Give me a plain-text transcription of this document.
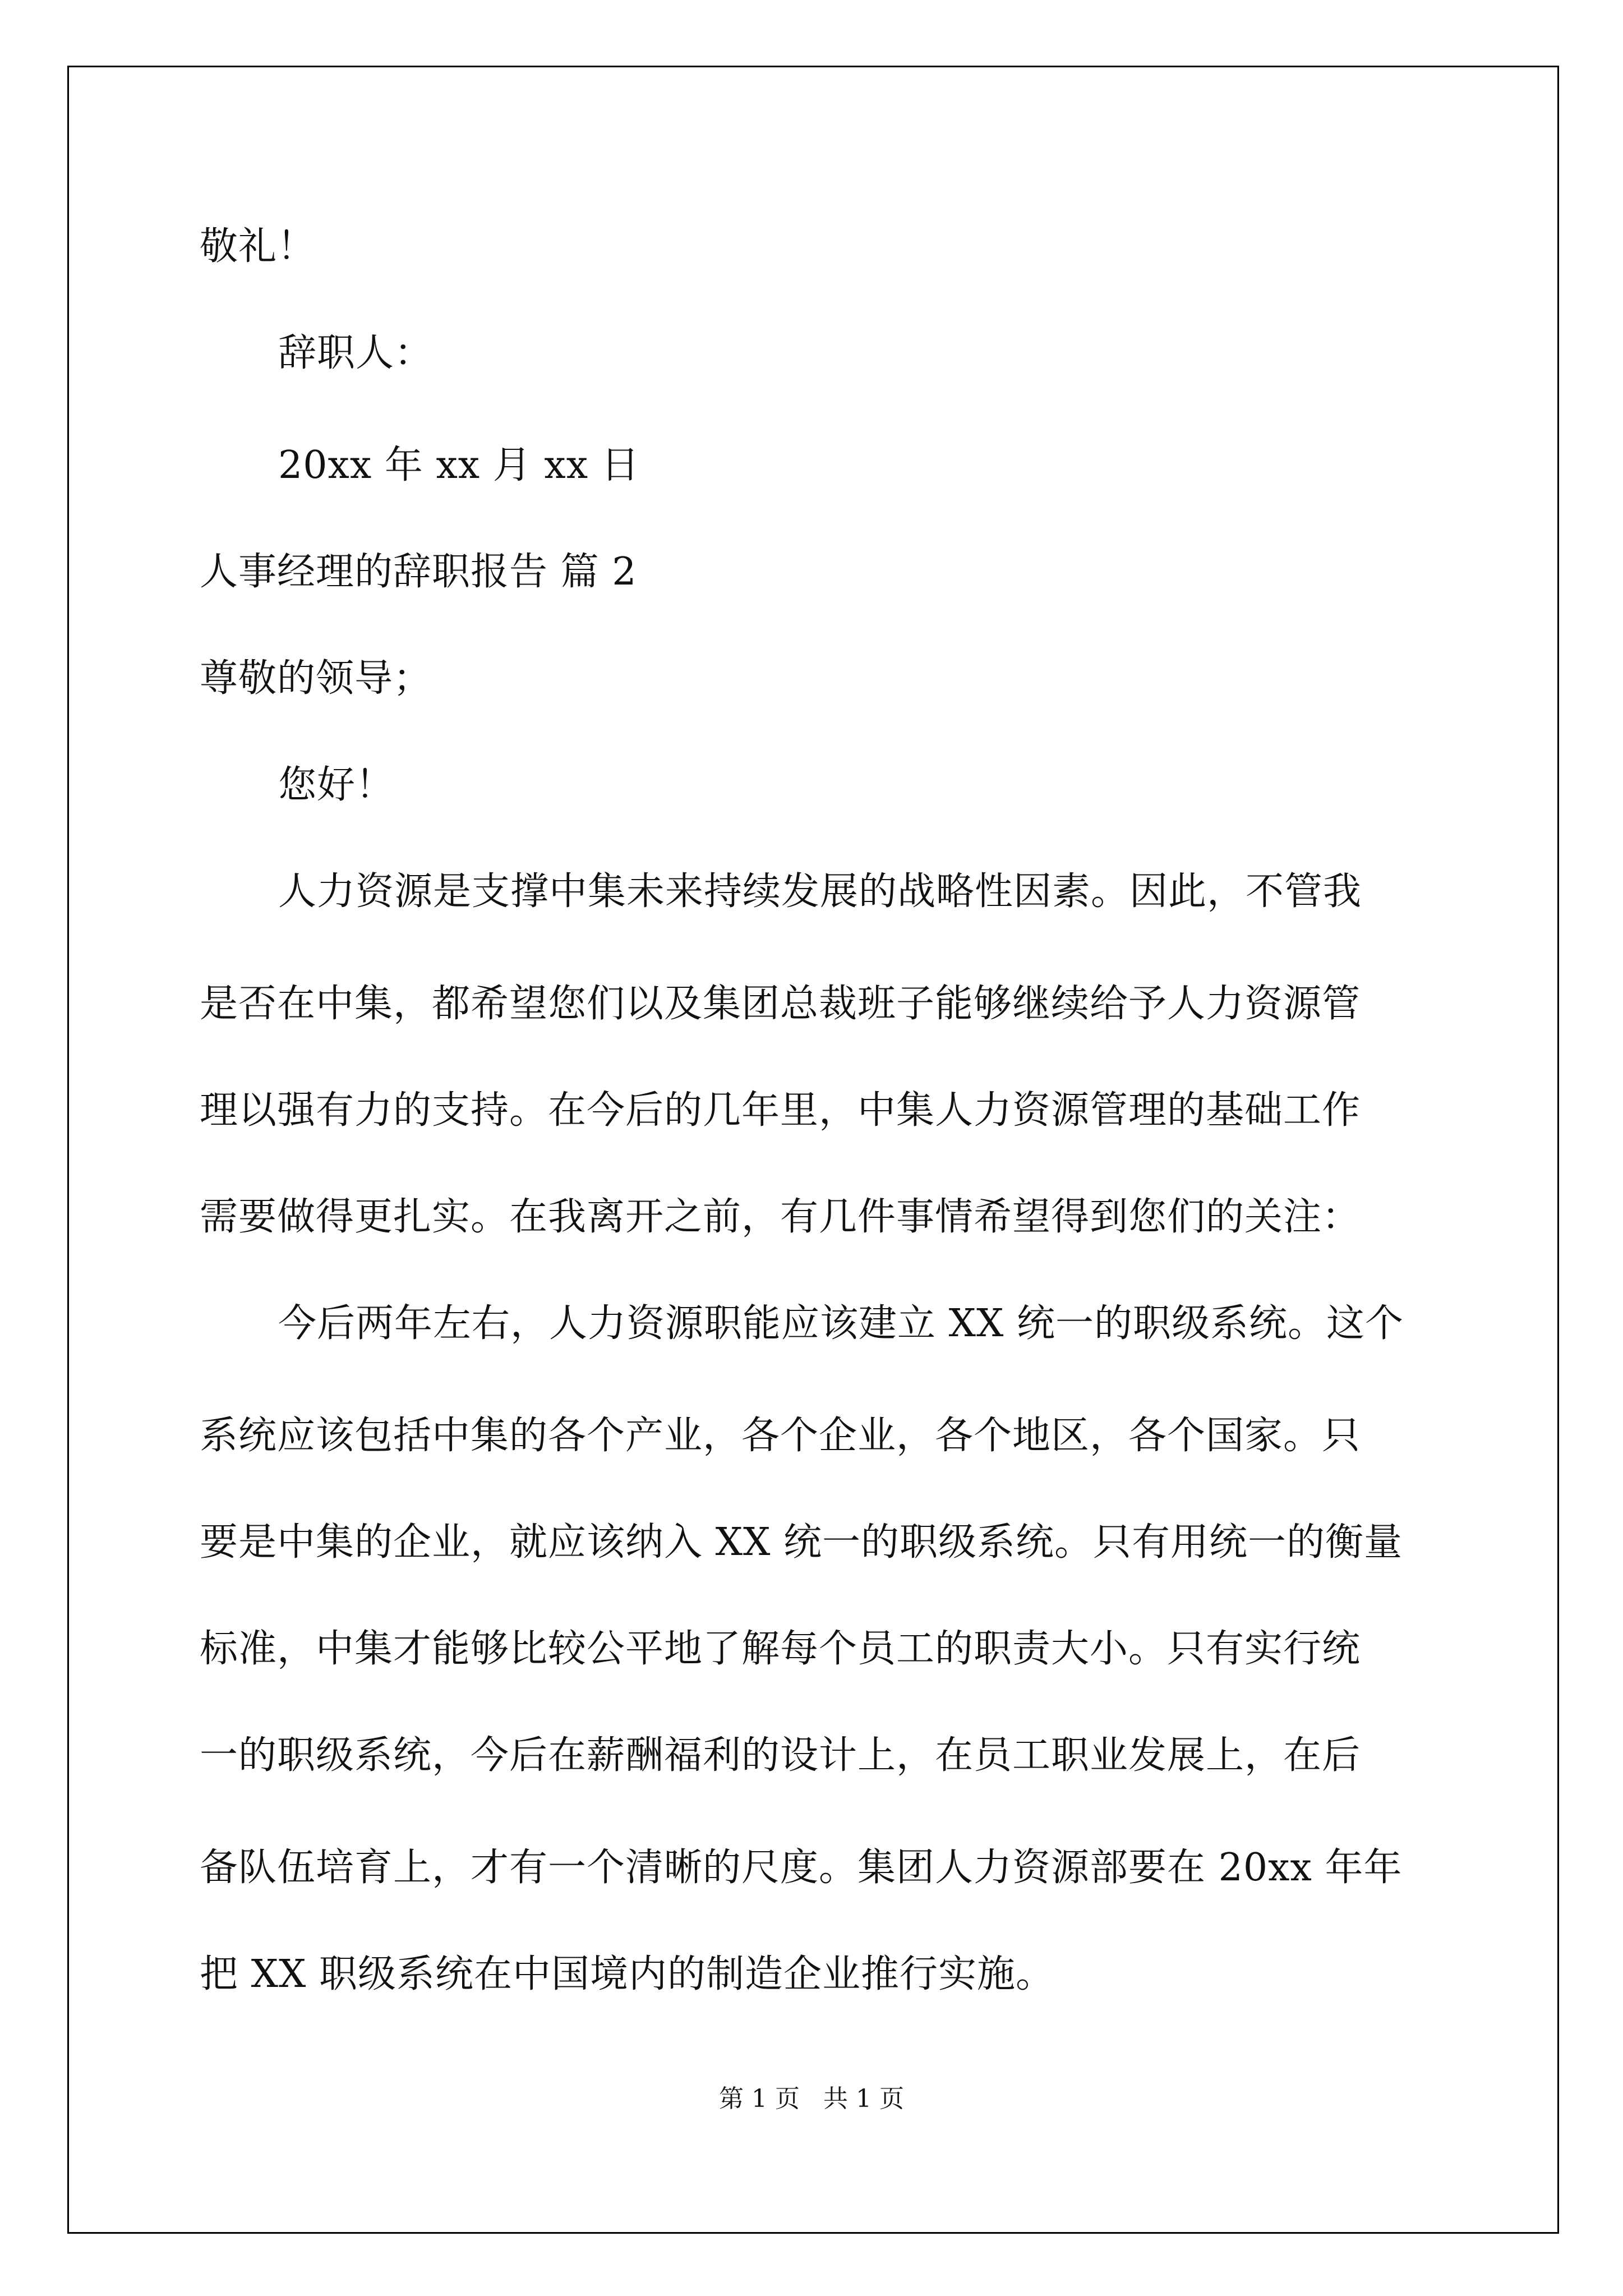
敬礼！
辞职人：
20xx 年 xx 月 xx 日
人事经理的辞职报告 篇 2
尊敬的领导；
您好！
人力资源是支撑中集未来持续发展的战略性因素。因此，不管我
是否在中集，都希望您们以及集团总裁班子能够继续给予人力资源管
理以强有力的支持。在今后的几年里，中集人力资源管理的基础工作
需要做得更扎实。在我离开之前，有几件事情希望得到您们的关注：
今后两年左右，人力资源职能应该建立 XX 统一的职级系统。这个
系统应该包括中集的各个产业，各个企业，各个地区，各个国家。只
要是中集的企业，就应该纳入 XX 统一的职级系统。只有用统一的衡量
标准，中集才能够比较公平地了解每个员工的职责大小。只有实行统
一的职级系统，今后在薪酬福利的设计上，在员工职业发展上，在后
备队伍培育上，才有一个清晰的尺度。集团人力资源部要在 20xx 年年
把 XX 职级系统在中国境内的制造企业推行实施。
第 1 页   共 1 页
